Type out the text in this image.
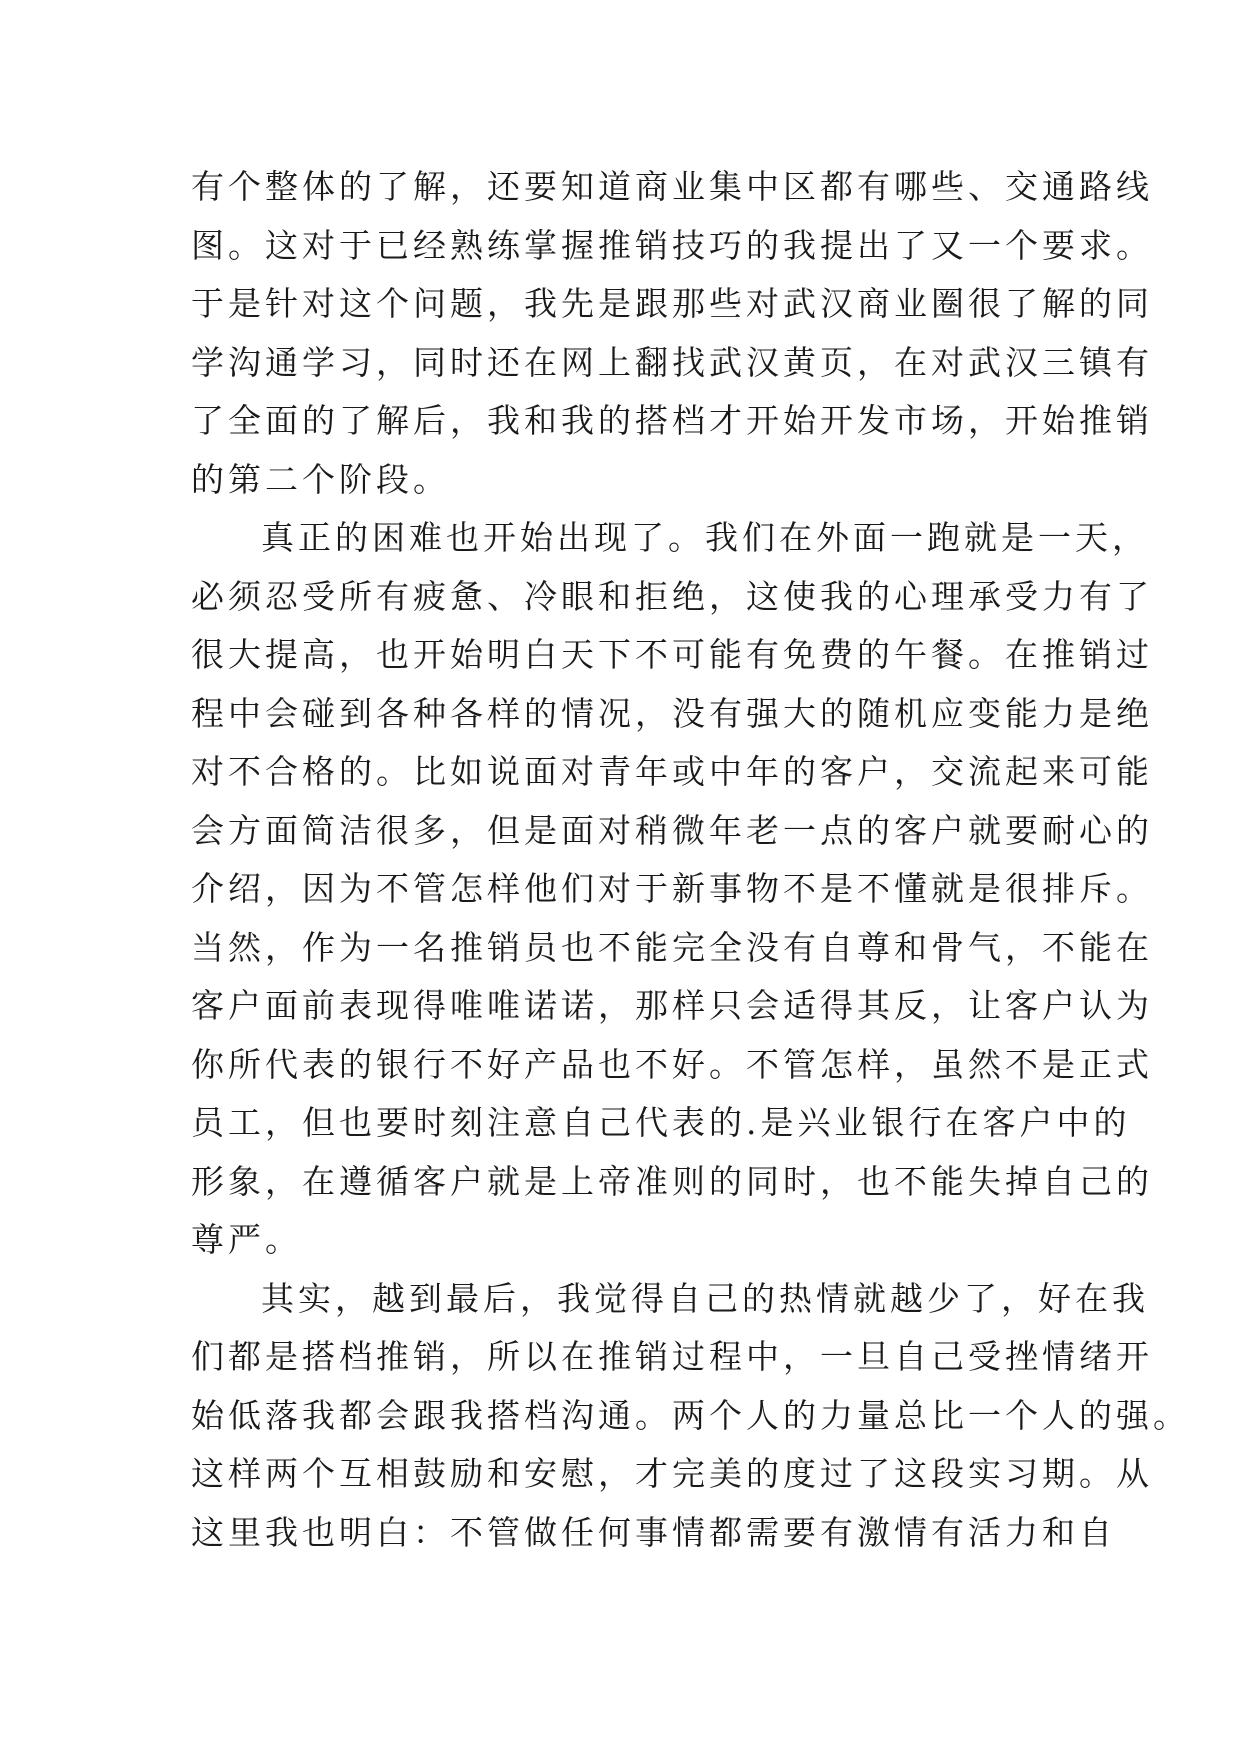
有个整体的了解，还要知道商业集中区都有哪些、交通路线
图。这对于已经熟练掌握推销技巧的我提出了又一个要求。
于是针对这个问题，我先是跟那些对武汉商业圈很了解的同
学沟通学习，同时还在网上翻找武汉黄页，在对武汉三镇有
了全面的了解后，我和我的搭档才开始开发市场，开始推销
的第二个阶段。
真正的困难也开始出现了。我们在外面一跑就是一天，
必须忍受所有疲惫、冷眼和拒绝，这使我的心理承受力有了
很大提高，也开始明白天下不可能有免费的午餐。在推销过
程中会碰到各种各样的情况，没有强大的随机应变能力是绝
对不合格的。比如说面对青年或中年的客户，交流起来可能
会方面简洁很多，但是面对稍微年老一点的客户就要耐心的
介绍，因为不管怎样他们对于新事物不是不懂就是很排斥。
当然，作为一名推销员也不能完全没有自尊和骨气，不能在
客户面前表现得唯唯诺诺，那样只会适得其反，让客户认为
你所代表的银行不好产品也不好。不管怎样，虽然不是正式
员工，但也要时刻注意自己代表的.是兴业银行在客户中的
形象，在遵循客户就是上帝准则的同时，也不能失掉自己的
尊严。
其实，越到最后，我觉得自己的热情就越少了，好在我
们都是搭档推销，所以在推销过程中，一旦自己受挫情绪开
始低落我都会跟我搭档沟通。两个人的力量总比一个人的强。
这样两个互相鼓励和安慰，才完美的度过了这段实习期。从
这里我也明白：不管做任何事情都需要有激情有活力和自
